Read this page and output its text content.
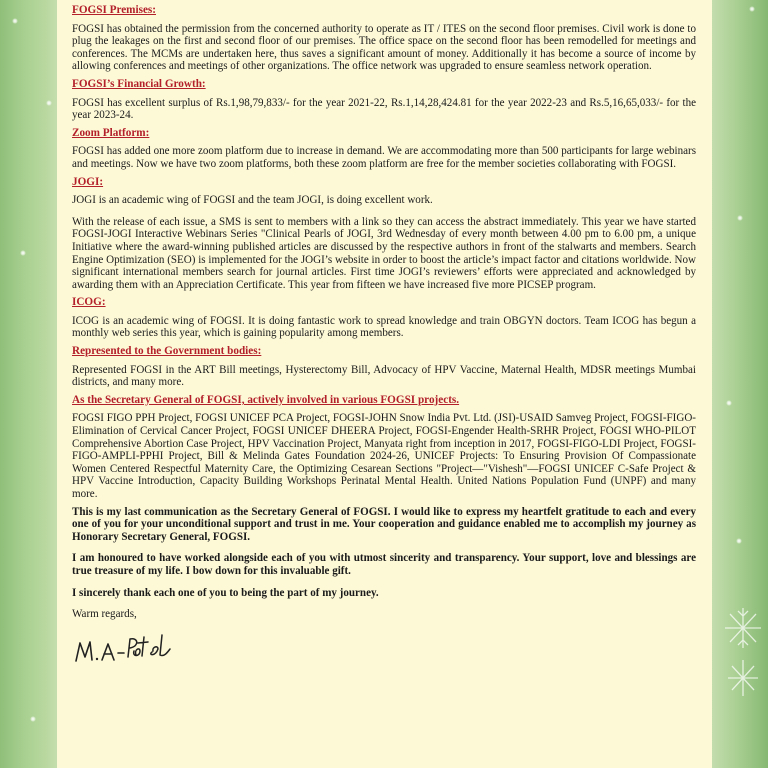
FOGSI Premises:

FOGSI has obtained the permission from the concerned authority to operate as IT / ITES on the second floor premises. Civil work is done to plug the leakages on the first and second floor of our premises. The office space on the second floor has been remodelled for meetings and conferences. The MCMs are undertaken here, thus saves a significant amount of money. Additionally it has become a source of income by allowing conferences and meetings of other organizations. The office network was upgraded to ensure seamless network operation.

FOGSI’s Financial Growth:

FOGSI has excellent surplus of Rs.1,98,79,833/- for the year 2021-22, Rs.1,14,28,424.81 for the year 2022-23 and Rs.5,16,65,033/- for the year 2023-24.

Zoom Platform:

FOGSI has added one more zoom platform due to increase in demand. We are accommodating more than 500 participants for large webinars and meetings. Now we have two zoom platforms, both these zoom platform are free for the member societies collaborating with FOGSI.

JOGI:

JOGI is an academic wing of FOGSI and the team JOGI, is doing excellent work.

With the release of each issue, a SMS is sent to members with a link so they can access the abstract immediately. This year we have started FOGSI-JOGI Interactive Webinars Series "Clinical Pearls of JOGI, 3rd Wednesday of every month between 4.00 pm to 6.00 pm, a unique Initiative where the award-winning published articles are discussed by the respective authors in front of the stalwarts and members. Search Engine Optimization (SEO) is implemented for the JOGI’s website in order to boost the article’s impact factor and citations worldwide. Now significant international members search for journal articles. First time JOGI’s reviewers’ efforts were appreciated and acknowledged by awarding them with an Appreciation Certificate. This year from fifteen we have increased five more PICSEP program.

ICOG:

ICOG is an academic wing of FOGSI. It is doing fantastic work to spread knowledge and train OBGYN doctors. Team ICOG has begun a monthly web series this year, which is gaining popularity among members.

Represented to the Government bodies:

Represented FOGSI in the ART Bill meetings, Hysterectomy Bill, Advocacy of HPV Vaccine, Maternal Health, MDSR meetings Mumbai districts, and many more.

As the Secretary General of FOGSI, actively involved in various FOGSI projects.

FOGSI FIGO PPH Project, FOGSI UNICEF PCA Project, FOGSI-JOHN Snow India Pvt. Ltd. (JSI)-USAID Samveg Project, FOGSI-FIGO-Elimination of Cervical Cancer Project, FOGSI UNICEF DHEERA Project, FOGSI-Engender Health-SRHR Project, FOGSI WHO-PILOT Comprehensive Abortion Case Project, HPV Vaccination Project, Manyata right from inception in 2017, FOGSI-FIGO-LDI Project, FOGSI-FIGO-AMPLI-PPHI Project, Bill & Melinda Gates Foundation 2024-26, UNICEF Projects: To Ensuring Provision Of Compassionate Women Centered Respectful Maternity Care, the Optimizing Cesarean Sections "Project—"Vishesh"—FOGSI UNICEF C-Safe Project & HPV Vaccine Introduction, Capacity Building Workshops Perinatal Mental Health. United Nations Population Fund (UNPF) and many more.

This is my last communication as the Secretary General of FOGSI. I would like to express my heartfelt gratitude to each and every one of you for your unconditional support and trust in me. Your cooperation and guidance enabled me to accomplish my journey as Honorary Secretary General, FOGSI.

I am honoured to have worked alongside each of you with utmost sincerity and transparency. Your support, love and blessings are true treasure of my life. I bow down for this invaluable gift.

I sincerely thank each one of you to being the part of my journey.

Warm regards,
